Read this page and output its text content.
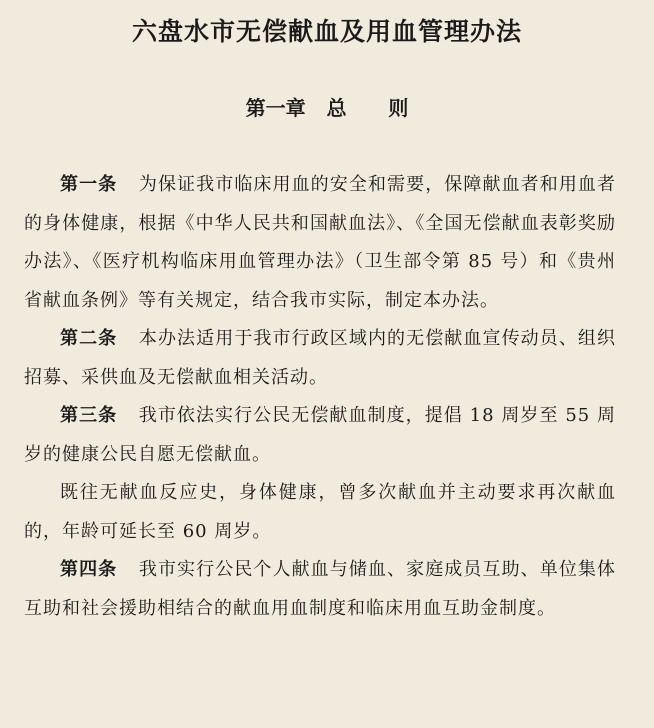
六盘水市无偿献血及用血管理办法
第一章   总      则

第一条 为保证我市临床用血的安全和需要，保障献血者和用血者的身体健康，根据《中华人民共和国献血法》、《全国无偿献血表彰奖励办法》、《医疗机构临床用血管理办法》（卫生部令第 85 号）和《贵州省献血条例》等有关规定，结合我市实际，制定本办法。

第二条 本办法适用于我市行政区域内的无偿献血宣传动员、组织招募、采供血及无偿献血相关活动。

第三条 我市依法实行公民无偿献血制度，提倡 18 周岁至 55 周岁的健康公民自愿无偿献血。

既往无献血反应史，身体健康，曾多次献血并主动要求再次献血的，年龄可延长至 60 周岁。

第四条 我市实行公民个人献血与储血、家庭成员互助、单位集体互助和社会援助相结合的献血用血制度和临床用血互助金制度。
